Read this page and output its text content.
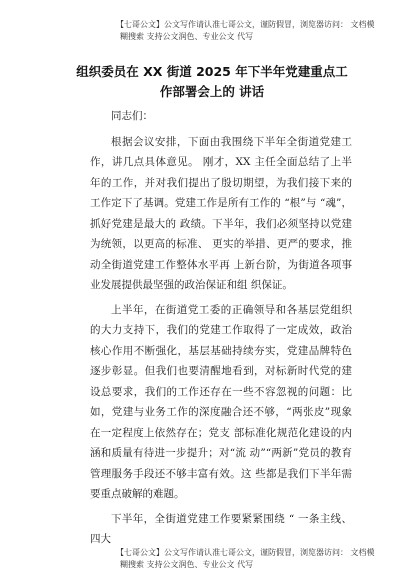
【七哥公文】公文写作请认准七哥公文，谨防假冒，浏览器访问： 文档模
糊搜索 支持公文润色、专业公文 代写
组织委员在 XX 街道 2025 年下半年党建重点工作部署会上的 讲话

同志们：

根据会议安排，下面由我围绕下半年全街道党建工作，讲几点具体意见。 刚才，XX 主任全面总结了上半年的工作，并对我们提出了殷切期望，为我们接下来的工作定下了基调。党建工作是所有工作的 “根”与 “魂”，抓好党建是最大的 政绩。下半年，我们必须坚持以党建为统领，以更高的标准、 更实的举措、更严的要求，推动全街道党建工作整体水平再 上新台阶，为街道各项事业发展提供最坚强的政治保证和组 织保证。

上半年，在街道党工委的正确领导和各基层党组织的大力支持下，我们的党建工作取得了一定成效，政治核心作用不断强化，基层基础持续夯实，党建品牌特色逐步彰显。但我们也要清醒地看到，对标新时代党的建设总要求，我们的工作还存在一些不容忽视的问题：比如，党建与业务工作的深度融合还不够，“两张皮”现象在一定程度上依然存在；党支 部标准化规范化建设的内涵和质量有待进一步提升；对“流 动”“两新”党员的教育管理服务手段还不够丰富有效。这 些都是我们下半年需要重点破解的难题。

下半年，全街道党建工作要紧紧围绕 “ 一条主线、 四大

【七哥公文】公文写作请认准七哥公文，谨防假冒，浏览器访问： 文档模
糊搜索 支持公文润色、专业公文 代写
